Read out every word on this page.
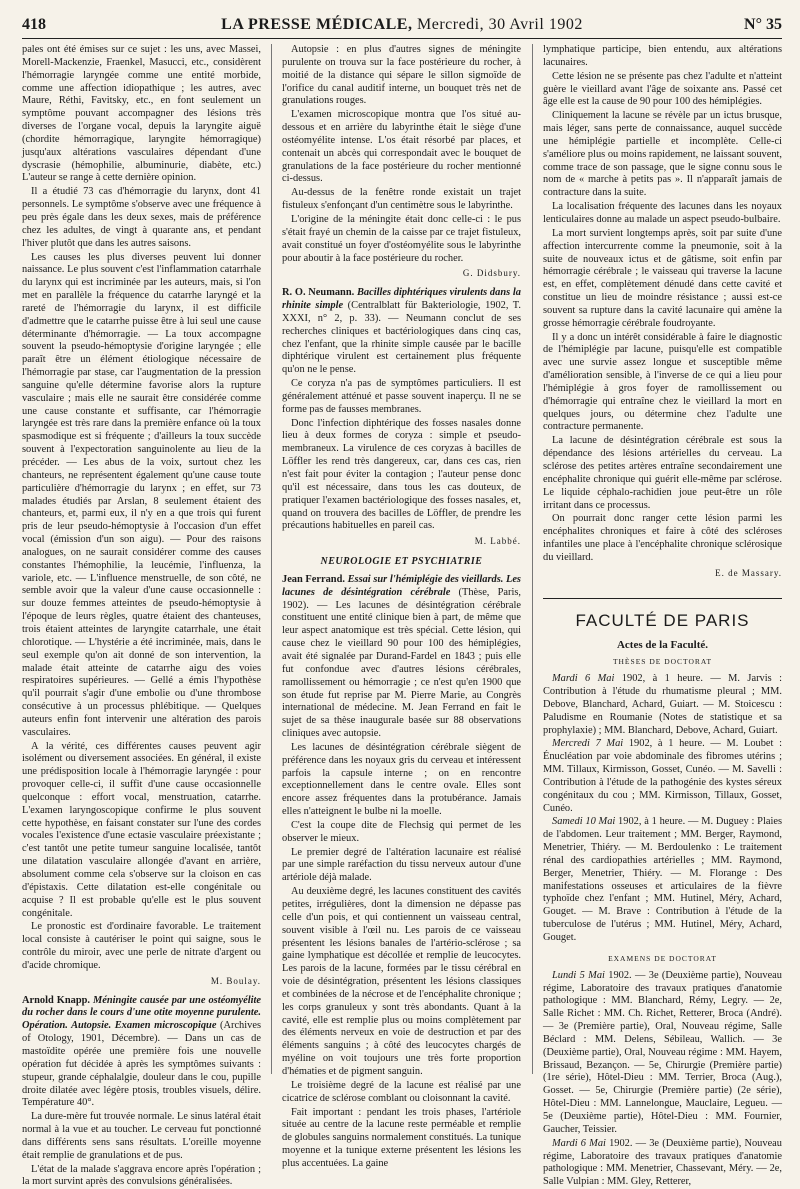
418	LA PRESSE MÉDICALE, Mercredi, 30 Avril 1902	N° 35

pales ont été émises sur ce sujet : les uns, avec Massei, Morell-Mackenzie, Fraenkel, Masucci, etc., considèrent l'hémorragie laryngée comme une entité morbide, comme une affection idiopathique ; les autres, avec Maure, Réthi, Favitsky, etc., en font seulement un symptôme pouvant accompagner des lésions très diverses de l'organe vocal, depuis la laryngite aiguë (chordite hémorragique, laryngite hémorragique) jusqu'aux altérations vasculaires dépendant d'une dyscrasie (hémophilie, albuminurie, diabète, etc.) L'auteur se range à cette dernière opinion.

Il a étudié 73 cas d'hémorragie du larynx, dont 41 personnels. Le symptôme s'observe avec une fréquence à peu près égale dans les deux sexes, mais de préférence chez les adultes, de vingt à quarante ans, et pendant l'hiver plutôt que dans les autres saisons.

Les causes les plus diverses peuvent lui donner naissance. Le plus souvent c'est l'inflammation catarrhale du larynx qui est incriminée par les auteurs, mais, si l'on met en parallèle la fréquence du catarrhe laryngé et la rareté de l'hémorragie du larynx, il est difficile d'admettre que le catarrhe puisse être à lui seul une cause déterminante d'hémorragie. — La toux accompagne souvent la pseudo-hémoptysie d'origine laryngée ; elle paraît être un élément étiologique nécessaire de l'hémorragie par stase, car l'augmentation de la pression sanguine qu'elle détermine favorise alors la rupture vasculaire ; mais elle ne saurait être considérée comme une cause constante et suffisante, car l'hémorragie laryngée est très rare dans la première enfance où la toux spasmodique est si fréquente ; d'ailleurs la toux succède souvent à l'expectoration sanguinolente au lieu de la précéder. — Les abus de la voix, surtout chez les chanteurs, ne représentent également qu'une cause toute particulière d'hémorragie du larynx ; en effet, sur 73 malades étudiés par Arslan, 8 seulement étaient des chanteurs, et, parmi eux, il n'y en a que trois qui furent pris de leur pseudo-hémoptysie à l'occasion d'un effet vocal (émission d'un son aigu). — Pour des raisons analogues, on ne saurait considérer comme des causes constantes l'hémophilie, la leucémie, l'influenza, la variole, etc. — L'influence menstruelle, de son côté, ne semble avoir que la valeur d'une cause occasionnelle : sur douze femmes atteintes de pseudo-hémoptysie à l'époque de leurs règles, quatre étaient des chanteuses, trois étaient atteintes de laryngite catarrhale, une était chlorotique. — L'hystérie a été incriminée, mais, dans le seul exemple qu'on ait donné de son intervention, la malade était atteinte de catarrhe aigu des voies respiratoires supérieures. — Gellé a émis l'hypothèse qu'il pourrait s'agir d'une embolie ou d'une thrombose consécutive à un processus phlébitique. — Quelques auteurs enfin font intervenir une altération des parois vasculaires.

A la vérité, ces différentes causes peuvent agir isolément ou diversement associées. En général, il existe une prédisposition locale à l'hémorragie laryngée : pour provoquer celle-ci, il suffit d'une cause occasionnelle quelconque : effort vocal, menstruation, catarrhe. L'examen laryngoscopique confirme le plus souvent cette hypothèse, en faisant constater sur l'une des cordes vocales l'existence d'une ectasie vasculaire préexistante ; c'est tantôt une petite tumeur sanguine localisée, tantôt une dilatation vasculaire allongée d'avant en arrière, absolument comme cela s'observe sur la cloison en cas d'épistaxis. Cette dilatation est-elle congénitale ou acquise ? Il est probable qu'elle est le plus souvent congénitale.

Le pronostic est d'ordinaire favorable. Le traitement local consiste à cautériser le point qui saigne, sous le contrôle du miroir, avec une perle de nitrate d'argent ou d'acide chromique.

M. Boulay.

Arnold Knapp. Méningite causée par une ostéomyélite du rocher dans le cours d'une otite moyenne purulente. Opération. Autopsie. Examen microscopique (Archives of Otology, 1901, Décembre). — Dans un cas de mastoïdite opérée une première fois une nouvelle opération fut décidée à après les symptômes suivants : stupeur, grande céphalalgie, douleur dans le cou, pupille droite dilatée avec légère ptosis, troubles visuels, délire. Température 40°.

La dure-mère fut trouvée normale. Le sinus latéral était normal à la vue et au toucher. Le cerveau fut ponctionné dans différents sens sans résultats. L'oreille moyenne était remplie de granulations et de pus.

L'état de la malade s'aggrava encore après l'opération ; la mort survint après des convulsions généralisées.

Autopsie : en plus d'autres signes de méningite purulente on trouva sur la face postérieure du rocher, à moitié de la distance qui sépare le sillon sigmoïde de l'orifice du canal auditif interne, un bouquet très net de granulations rouges.

L'examen microscopique montra que l'os situé au-dessous et en arrière du labyrinthe était le siège d'une ostéomyélite intense. L'os était résorbé par places, et contenait un abcès qui correspondait avec le bouquet de granulations de la face postérieure du rocher mentionné ci-dessus.

Au-dessus de la fenêtre ronde existait un trajet fistuleux s'enfonçant d'un centimètre sous le labyrinthe.

L'origine de la méningite était donc celle-ci : le pus s'était frayé un chemin de la caisse par ce trajet fistuleux, avait constitué un foyer d'ostéomyélite sous le labyrinthe pour aboutir à la face postérieure du rocher.

G. Didsbury.

R. O. Neumann. Bacilles diphtériques virulents dans la rhinite simple (Centralblatt für Bakteriologie, 1902, T. XXXI, n° 2, p. 33). — Neumann conclut de ses recherches cliniques et bactériologiques dans cinq cas, chez l'enfant, que la rhinite simple causée par le bacille diphtérique virulent est certainement plus fréquente qu'on ne le pense.

Ce coryza n'a pas de symptômes particuliers. Il est généralement atténué et passe souvent inaperçu. Il ne se forme pas de fausses membranes.

Donc l'infection diphtérique des fosses nasales donne lieu à deux formes de coryza : simple et pseudo-membraneux. La virulence de ces coryzas à bacilles de Löffler les rend très dangereux, car, dans ces cas, rien n'est fait pour éviter la contagion ; l'auteur pense donc qu'il est nécessaire, dans tous les cas douteux, de pratiquer l'examen bactériologique des fosses nasales, et, quand on trouvera des bacilles de Löffler, de prendre les précautions habituelles en pareil cas.

M. Labbé.
NEUROLOGIE ET PSYCHIATRIE

Jean Ferrand. Essai sur l'hémiplégie des vieillards. Les lacunes de désintégration cérébrale (Thèse, Paris, 1902). — Les lacunes de désintégration cérébrale constituent une entité clinique bien à part, de même que leur aspect anatomique est très spécial. Cette lésion, qui cause chez le vieillard 90 pour 100 des hémiplégies, avait été signalée par Durand-Fardel en 1843 ; puis elle fut confondue avec d'autres lésions cérébrales, ramollissement ou hémorragie ; ce n'est qu'en 1900 que son étude fut reprise par M. Pierre Marie, au Congrès international de médecine. M. Jean Ferrand en fait le sujet de sa thèse inaugurale basée sur 88 observations cliniques avec autopsie.

Les lacunes de désintégration cérébrale siègent de préférence dans les noyaux gris du cerveau et intéressent parfois la capsule interne ; on en rencontre exceptionnellement dans le centre ovale. Elles sont encore assez fréquentes dans la protubérance. Jamais elles n'atteignent le bulbe ni la moelle.

C'est la coupe dite de Flechsig qui permet de les observer le mieux.

Le premier degré de l'altération lacunaire est réalisé par une simple raréfaction du tissu nerveux autour d'une artériole déjà malade.

Au deuxième degré, les lacunes constituent des cavités petites, irrégulières, dont la dimension ne dépasse pas celle d'un pois, et qui contiennent un vaisseau central, souvent visible à l'œil nu. Les parois de ce vaisseau présentent les lésions banales de l'artério-sclérose ; sa gaine lymphatique est décollée et remplie de leucocytes. Les parois de la lacune, formées par le tissu cérébral en voie de désintégration, présentent les lésions classiques et combinées de la nécrose et de l'encéphalite chronique ; les corps granuleux y sont très abondants. Quant à la cavité, elle est remplie plus ou moins complètement par des éléments nerveux en voie de destruction et par des éléments sanguins ; à côté des leucocytes chargés de myéline on voit toujours une très forte proportion d'hématies et de pigment sanguin.

Le troisième degré de la lacune est réalisé par une cicatrice de sclérose comblant ou cloisonnant la cavité.

Fait important : pendant les trois phases, l'artériole située au centre de la lacune reste perméable et remplie de globules sanguins normalement constitués. La tunique moyenne et la tunique externe présentent les lésions les plus accentuées. La gaine

lymphatique participe, bien entendu, aux altérations lacunaires.

Cette lésion ne se présente pas chez l'adulte et n'atteint guère le vieillard avant l'âge de soixante ans. Passé cet âge elle est la cause de 90 pour 100 des hémiplégies.

Cliniquement la lacune se révèle par un ictus brusque, mais léger, sans perte de connaissance, auquel succède une hémiplégie partielle et incomplète. Celle-ci s'améliore plus ou moins rapidement, ne laissant souvent, comme trace de son passage, que le signe connu sous le nom de « marche à petits pas ». Il n'apparaît jamais de contracture dans la suite.

La localisation fréquente des lacunes dans les noyaux lenticulaires donne au malade un aspect pseudo-bulbaire.

La mort survient longtemps après, soit par suite d'une affection intercurrente comme la pneumonie, soit à la suite de nouveaux ictus et de gâtisme, soit enfin par hémorragie cérébrale ; le vaisseau qui traverse la lacune est, en effet, complètement dénudé dans cette cavité et constitue un lieu de moindre résistance ; aussi est-ce souvent sa rupture dans la cavité lacunaire qui amène la grosse hémorragie cérébrale foudroyante.

Il y a donc un intérêt considérable à faire le diagnostic de l'hémiplégie par lacune, puisqu'elle est compatible avec une survie assez longue et susceptible même d'amélioration sensible, à l'inverse de ce qui a lieu pour l'hémiplégie à gros foyer de ramollissement ou d'hémorragie qui entraîne chez le vieillard la mort en quelques jours, ou détermine chez l'adulte une contracture permanente.

La lacune de désintégration cérébrale est sous la dépendance des lésions artérielles du cerveau. La sclérose des petites artères entraîne secondairement une encéphalite chronique qui guérit elle-même par sclérose. Le liquide céphalo-rachidien joue peut-être un rôle irritant dans ce processus.

On pourrait donc ranger cette lésion parmi les encéphalites chroniques et faire à côté des scléroses infantiles une place à l'encéphalite chronique sclérosique du vieillard.

E. de Massary.
FACULTÉ DE PARIS
Actes de la Faculté.
THÈSES DE DOCTORAT

Mardi 6 Mai 1902, à 1 heure. — M. Jarvis : Contribution à l'étude du rhumatisme pleural ; MM. Debove, Blanchard, Achard, Guiart. — M. Stoicescu : Paludisme en Roumanie (Notes de statistique et sa prophylaxie) ; MM. Blanchard, Debove, Achard, Guiart.

Mercredi 7 Mai 1902, à 1 heure. — M. Loubet : Énucléation par voie abdominale des fibromes utérins ; MM. Tillaux, Kirmisson, Gosset, Cunéo. — M. Savelli : Contribution à l'étude de la pathogénie des kystes séreux congénitaux du cou ; MM. Kirmisson, Tillaux, Gosset, Cunéo.

Samedi 10 Mai 1902, à 1 heure. — M. Duguey : Plaies de l'abdomen. Leur traitement ; MM. Berger, Raymond, Menetrier, Thiéry. — M. Berdoulenko : Le traitement rénal des cardiopathies artérielles ; MM. Raymond, Berger, Menetrier, Thiéry. — M. Florange : Des manifestations osseuses et articulaires de la fièvre typhoïde chez l'enfant ; MM. Hutinel, Méry, Achard, Gouget. — M. Brave : Contribution à l'étude de la tuberculose de l'utérus ; MM. Hutinel, Méry, Achard, Gouget.

EXAMENS DE DOCTORAT

Lundi 5 Mai 1902. — 3e (Deuxième partie), Nouveau régime, Laboratoire des travaux pratiques d'anatomie pathologique : MM. Blanchard, Rémy, Legry. — 2e, Salle Richet : MM. Ch. Richet, Retterer, Broca (André). — 3e (Première partie), Oral, Nouveau régime, Salle Béclard : MM. Delens, Sébileau, Wallich. — 3e (Deuxième partie), Oral, Nouveau régime : MM. Hayem, Brissaud, Bezançon. — 5e, Chirurgie (Première partie) (1re série), Hôtel-Dieu : MM. Terrier, Broca (Aug.), Gosset. — 5e, Chirurgie (Première partie) (2e série), Hôtel-Dieu : MM. Lannelongue, Mauclaire, Legueu. — 5e (Deuxième partie), Hôtel-Dieu : MM. Fournier, Gaucher, Teissier.

Mardi 6 Mai 1902. — 3e (Deuxième partie), Nouveau régime, Laboratoire des travaux pratiques d'anatomie pathologique : MM. Menetrier, Chassevant, Méry. — 2e, Salle Vulpian : MM. Gley, Retterer,
